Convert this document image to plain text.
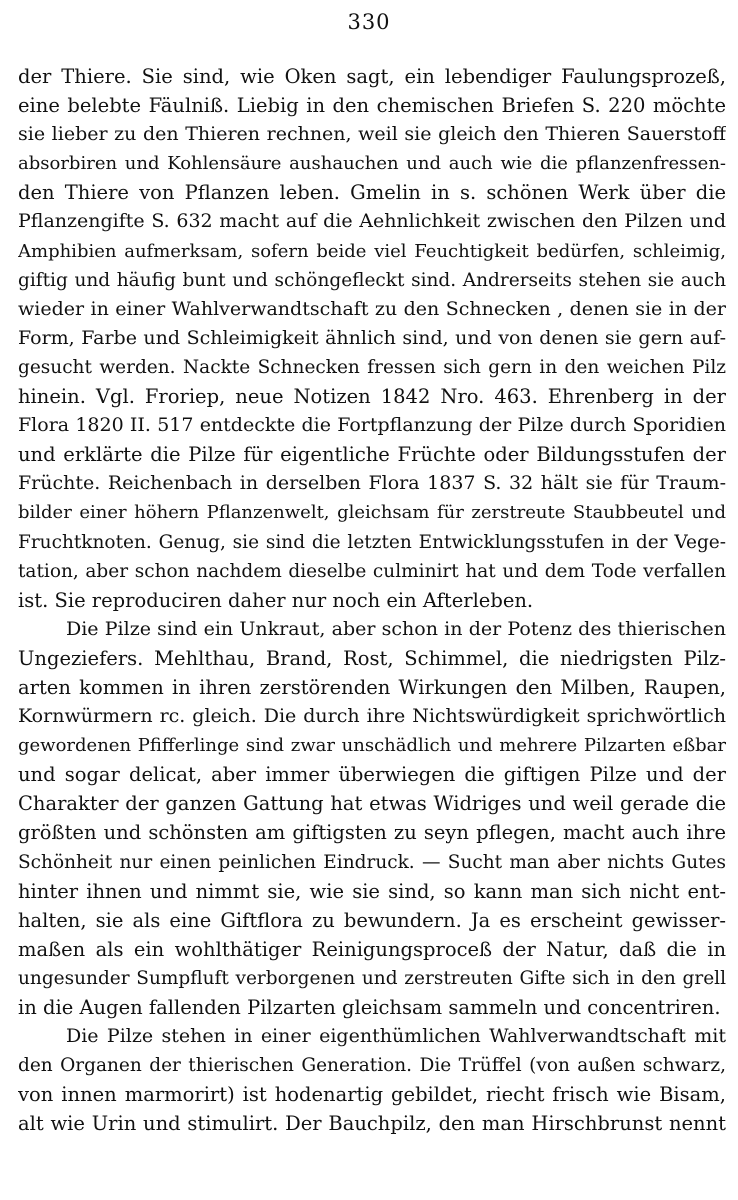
330
der Thiere. Sie sind, wie Oken sagt, ein lebendiger Faulungsprozeß,
eine belebte Fäulniß. Liebig in den chemischen Briefen S. 220 möchte
sie lieber zu den Thieren rechnen, weil sie gleich den Thieren Sauerstoff
absorbiren und Kohlensäure aushauchen und auch wie die pflanzenfressen-
den Thiere von Pflanzen leben. Gmelin in s. schönen Werk über die
Pflanzengifte S. 632 macht auf die Aehnlichkeit zwischen den Pilzen und
Amphibien aufmerksam, sofern beide viel Feuchtigkeit bedürfen, schleimig,
giftig und häufig bunt und schöngefleckt sind. Andrerseits stehen sie auch
wieder in einer Wahlverwandtschaft zu den Schnecken , denen sie in der
Form, Farbe und Schleimigkeit ähnlich sind, und von denen sie gern auf-
gesucht werden. Nackte Schnecken fressen sich gern in den weichen Pilz
hinein. Vgl. Froriep, neue Notizen 1842 Nro. 463. Ehrenberg in der
Flora 1820 II. 517 entdeckte die Fortpflanzung der Pilze durch Sporidien
und erklärte die Pilze für eigentliche Früchte oder Bildungsstufen der
Früchte. Reichenbach in derselben Flora 1837 S. 32 hält sie für Traum-
bilder einer höhern Pflanzenwelt, gleichsam für zerstreute Staubbeutel und
Fruchtknoten. Genug, sie sind die letzten Entwicklungsstufen in der Vege-
tation, aber schon nachdem dieselbe culminirt hat und dem Tode verfallen
ist. Sie reproduciren daher nur noch ein Afterleben.
Die Pilze sind ein Unkraut, aber schon in der Potenz des thierischen
Ungeziefers. Mehlthau, Brand, Rost, Schimmel, die niedrigsten Pilz-
arten kommen in ihren zerstörenden Wirkungen den Milben, Raupen,
Kornwürmern rc. gleich. Die durch ihre Nichtswürdigkeit sprichwörtlich
gewordenen Pfifferlinge sind zwar unschädlich und mehrere Pilzarten eßbar
und sogar delicat, aber immer überwiegen die giftigen Pilze und der
Charakter der ganzen Gattung hat etwas Widriges und weil gerade die
größten und schönsten am giftigsten zu seyn pflegen, macht auch ihre
Schönheit nur einen peinlichen Eindruck. — Sucht man aber nichts Gutes
hinter ihnen und nimmt sie, wie sie sind, so kann man sich nicht ent-
halten, sie als eine Giftflora zu bewundern. Ja es erscheint gewisser-
maßen als ein wohlthätiger Reinigungsproceß der Natur, daß die in
ungesunder Sumpfluft verborgenen und zerstreuten Gifte sich in den grell
in die Augen fallenden Pilzarten gleichsam sammeln und concentriren.
Die Pilze stehen in einer eigenthümlichen Wahlverwandtschaft mit
den Organen der thierischen Generation. Die Trüffel (von außen schwarz,
von innen marmorirt) ist hodenartig gebildet, riecht frisch wie Bisam,
alt wie Urin und stimulirt. Der Bauchpilz, den man Hirschbrunst nennt
